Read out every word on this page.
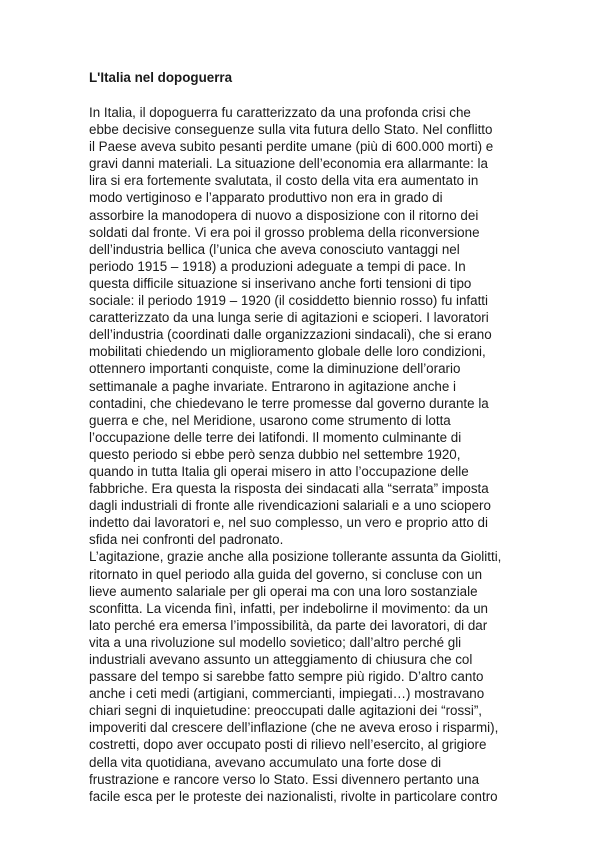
L'Italia nel dopoguerra
In Italia, il dopoguerra fu caratterizzato da una profonda crisi che
ebbe decisive conseguenze sulla vita futura dello Stato. Nel conflitto
il Paese aveva subito pesanti perdite umane (più di 600.000 morti) e
gravi danni materiali. La situazione dell’economia era allarmante: la
lira si era fortemente svalutata, il costo della vita era aumentato in
modo vertiginoso e l’apparato produttivo non era in grado di
assorbire la manodopera di nuovo a disposizione con il ritorno dei
soldati dal fronte. Vi era poi il grosso problema della riconversione
dell’industria bellica (l’unica che aveva conosciuto vantaggi nel
periodo 1915 – 1918) a produzioni adeguate a tempi di pace. In
questa difficile situazione si inserivano anche forti tensioni di tipo
sociale: il periodo 1919 – 1920 (il cosiddetto biennio rosso) fu infatti
caratterizzato da una lunga serie di agitazioni e scioperi. I lavoratori
dell’industria (coordinati dalle organizzazioni sindacali), che si erano
mobilitati chiedendo un miglioramento globale delle loro condizioni,
ottennero importanti conquiste, come la diminuzione dell’orario
settimanale a paghe invariate. Entrarono in agitazione anche i
contadini, che chiedevano le terre promesse dal governo durante la
guerra e che, nel Meridione, usarono come strumento di lotta
l’occupazione delle terre dei latifondi. Il momento culminante di
questo periodo si ebbe però senza dubbio nel settembre 1920,
quando in tutta Italia gli operai misero in atto l’occupazione delle
fabbriche. Era questa la risposta dei sindacati alla “serrata” imposta
dagli industriali di fronte alle rivendicazioni salariali e a uno sciopero
indetto dai lavoratori e, nel suo complesso, un vero e proprio atto di
sfida nei confronti del padronato.
L’agitazione, grazie anche alla posizione tollerante assunta da Giolitti,
ritornato in quel periodo alla guida del governo, si concluse con un
lieve aumento salariale per gli operai ma con una loro sostanziale
sconfitta. La vicenda finì, infatti, per indebolirne il movimento: da un
lato perché era emersa l’impossibilità, da parte dei lavoratori, di dar
vita a una rivoluzione sul modello sovietico; dall’altro perché gli
industriali avevano assunto un atteggiamento di chiusura che col
passare del tempo si sarebbe fatto sempre più rigido. D’altro canto
anche i ceti medi (artigiani, commercianti, impiegati…) mostravano
chiari segni di inquietudine: preoccupati dalle agitazioni dei “rossi”,
impoveriti dal crescere dell’inflazione (che ne aveva eroso i risparmi),
costretti, dopo aver occupato posti di rilievo nell’esercito, al grigiore
della vita quotidiana, avevano accumulato una forte dose di
frustrazione e rancore verso lo Stato. Essi divennero pertanto una
facile esca per le proteste dei nazionalisti, rivolte in particolare contro
